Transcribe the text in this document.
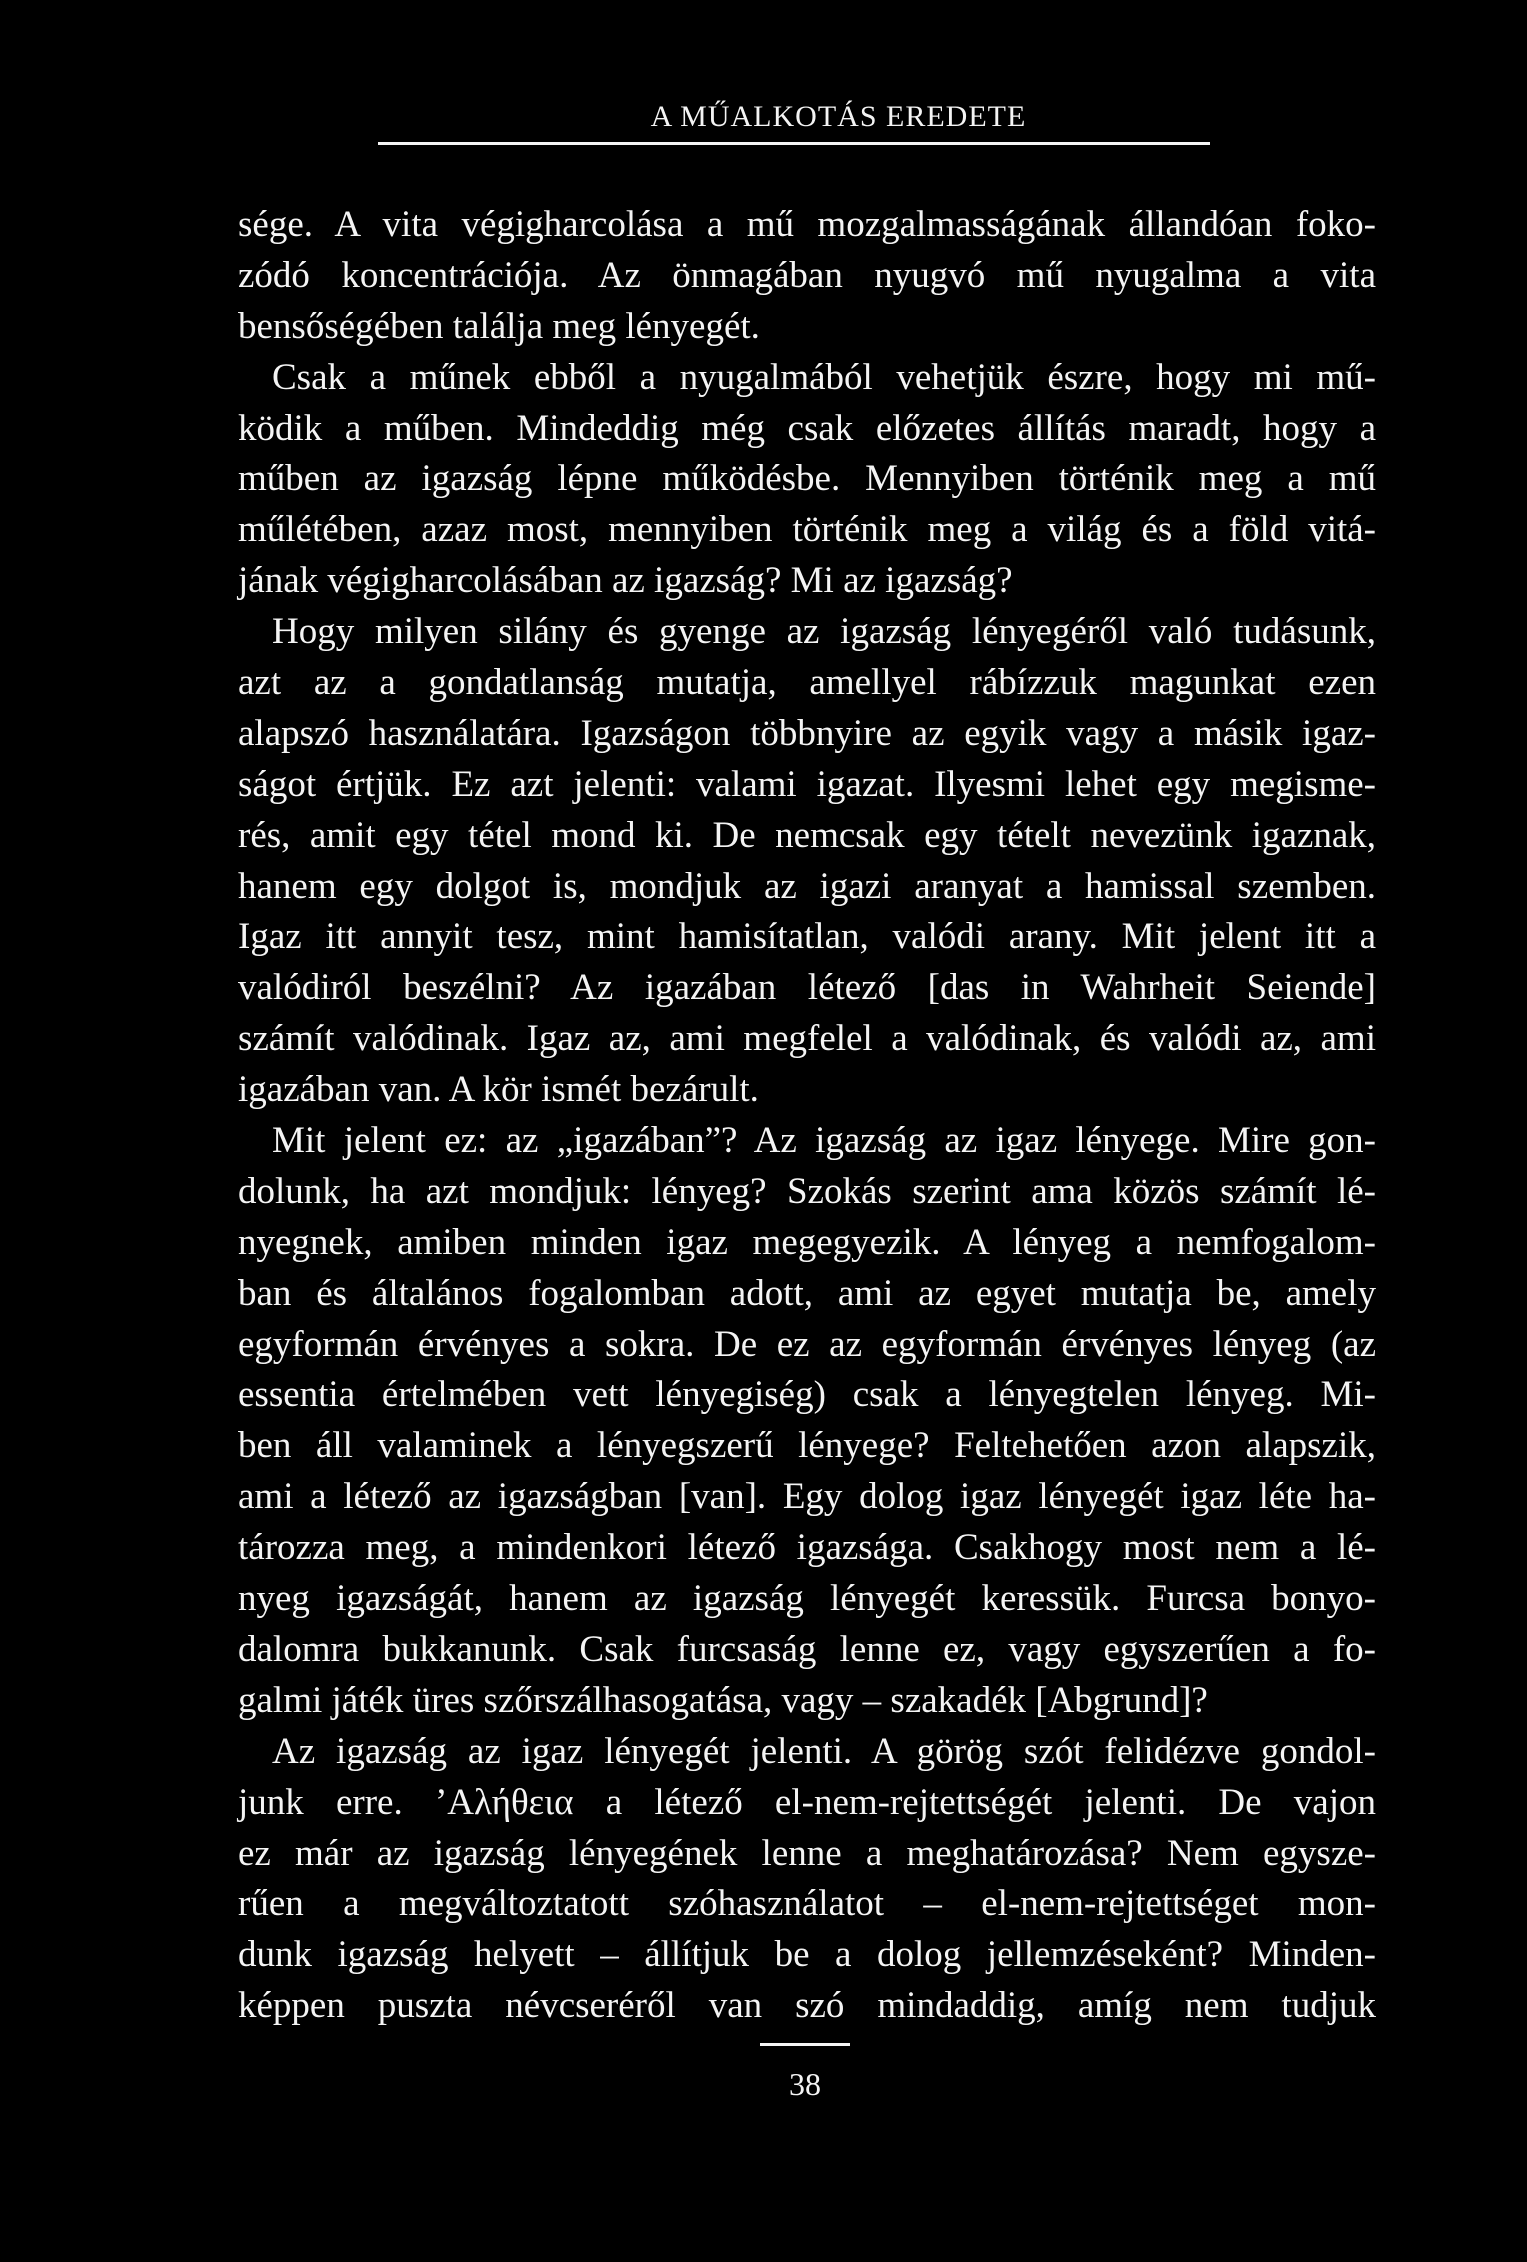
A MŰALKOTÁS EREDETE
sége. A vita végigharcolása a mű mozgalmasságának állandóan foko-
zódó koncentrációja. Az önmagában nyugvó mű nyugalma a vita
bensőségében találja meg lényegét.
Csak a műnek ebből a nyugalmából vehetjük észre, hogy mi mű-
ködik a műben. Mindeddig még csak előzetes állítás maradt, hogy a
műben az igazság lépne működésbe. Mennyiben történik meg a mű
műlétében, azaz most, mennyiben történik meg a világ és a föld vitá-
jának végigharcolásában az igazság? Mi az igazság?
Hogy milyen silány és gyenge az igazság lényegéről való tudásunk,
azt az a gondatlanság mutatja, amellyel rábízzuk magunkat ezen
alapszó használatára. Igazságon többnyire az egyik vagy a másik igaz-
ságot értjük. Ez azt jelenti: valami igazat. Ilyesmi lehet egy megisme-
rés, amit egy tétel mond ki. De nemcsak egy tételt nevezünk igaznak,
hanem egy dolgot is, mondjuk az igazi aranyat a hamissal szemben.
Igaz itt annyit tesz, mint hamisítatlan, valódi arany. Mit jelent itt a
valódiról beszélni? Az igazában létező [das in Wahrheit Seiende]
számít valódinak. Igaz az, ami megfelel a valódinak, és valódi az, ami
igazában van. A kör ismét bezárult.
Mit jelent ez: az „igazában”? Az igazság az igaz lényege. Mire gon-
dolunk, ha azt mondjuk: lényeg? Szokás szerint ama közös számít lé-
nyegnek, amiben minden igaz megegyezik. A lényeg a nemfogalom-
ban és általános fogalomban adott, ami az egyet mutatja be, amely
egyformán érvényes a sokra. De ez az egyformán érvényes lényeg (az
essentia értelmében vett lényegiség) csak a lényegtelen lényeg. Mi-
ben áll valaminek a lényegszerű lényege? Feltehetően azon alapszik,
ami a létező az igazságban [van]. Egy dolog igaz lényegét igaz léte ha-
tározza meg, a mindenkori létező igazsága. Csakhogy most nem a lé-
nyeg igazságát, hanem az igazság lényegét keressük. Furcsa bonyo-
dalomra bukkanunk. Csak furcsaság lenne ez, vagy egyszerűen a fo-
galmi játék üres szőrszálhasogatása, vagy – szakadék [Abgrund]?
Az igazság az igaz lényegét jelenti. A görög szót felidézve gondol-
junk erre. ’Αλήθεια a létező el-nem-rejtettségét jelenti. De vajon
ez már az igazság lényegének lenne a meghatározása? Nem egysze-
rűen a megváltoztatott szóhasználatot – el-nem-rejtettséget mon-
dunk igazság helyett – állítjuk be a dolog jellemzéseként? Minden-
képpen puszta névcseréről van szó mindaddig, amíg nem tudjuk
38
